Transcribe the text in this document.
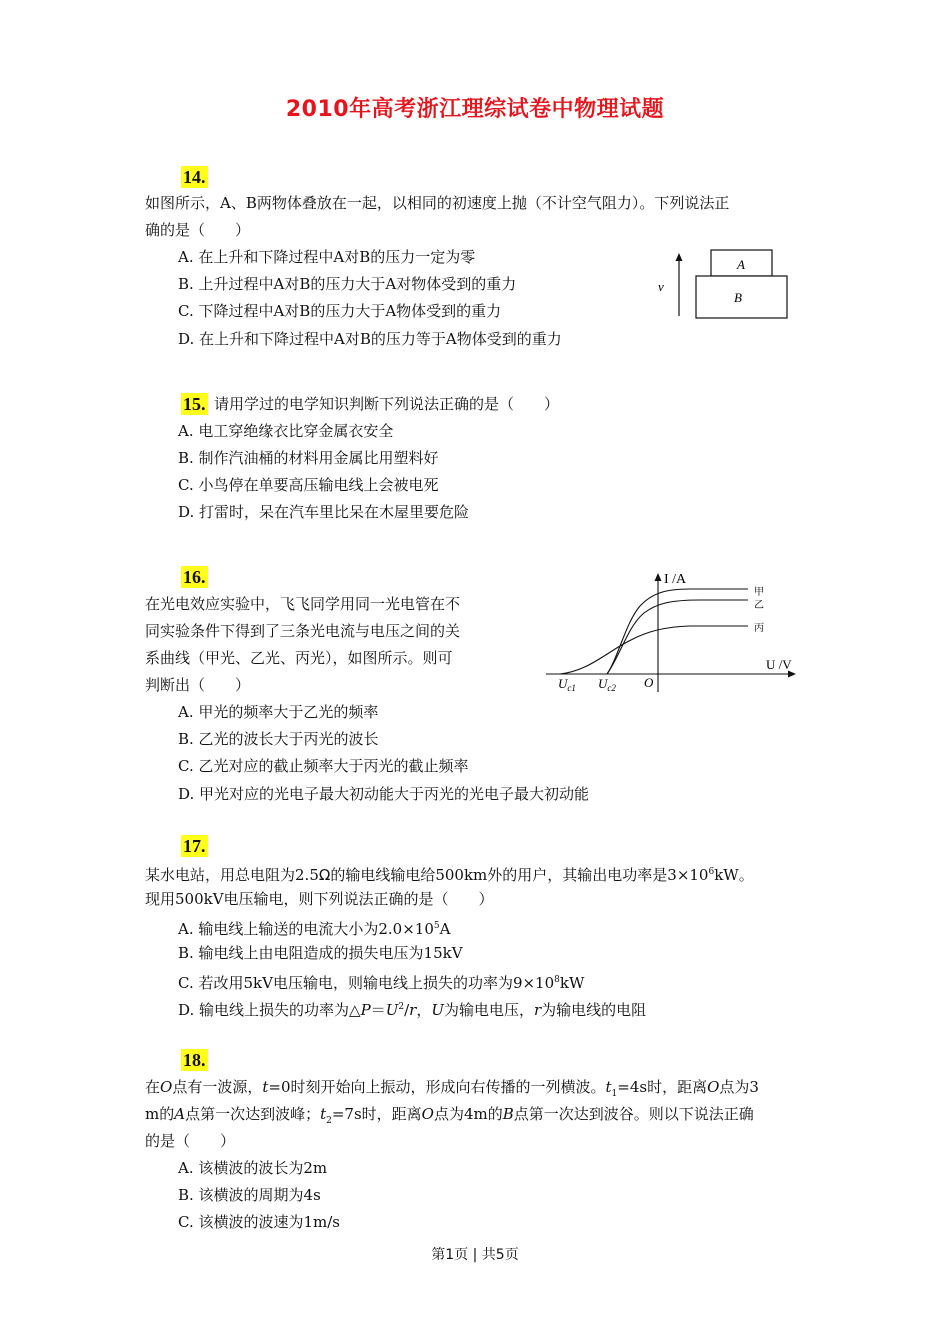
2010年高考浙江理综试卷中物理试题
14.
如图所示，A、B两物体叠放在一起，以相同的初速度上抛（不计空气阻力）。下列说法正
确的是（　　）
A. 在上升和下降过程中A对B的压力一定为零
B. 上升过程中A对B的压力大于A对物体受到的重力
C. 下降过程中A对B的压力大于A物体受到的重力
D. 在上升和下降过程中A对B的压力等于A物体受到的重力
v
A
B
15. 请用学过的电学知识判断下列说法正确的是（　　）
A. 电工穿绝缘衣比穿金属衣安全
B. 制作汽油桶的材料用金属比用塑料好
C. 小鸟停在单要高压输电线上会被电死
D. 打雷时，呆在汽车里比呆在木屋里要危险
16.
在光电效应实验中，飞飞同学用同一光电管在不
同实验条件下得到了三条光电流与电压之间的关
系曲线（甲光、乙光、丙光），如图所示。则可
判断出（　　）
A. 甲光的频率大于乙光的频率
B. 乙光的波长大于丙光的波长
C. 乙光对应的截止频率大于丙光的截止频率
D. 甲光对应的光电子最大初动能大于丙光的光电子最大初动能
I /A
U /V
甲
乙
丙
O
$U_{c1}$ $U_{c2}$
17.
某水电站，用总电阻为2.5Ω的输电线输电给500km外的用户，其输出电功率是$3\times 10^6kW$。
现用500kV电压输电，则下列说法正确的是（　　）
A. 输电线上输送的电流大小为$2.0\times 10^5A$
B. 输电线上由电阻造成的损失电压为15kV
C. 若改用5kV电压输电，则输电线上损失的功率为$9\times 10^8kW$
D. 输电线上损失的功率为$\triangle P=U^2/r$，U为输电电压，r为输电线的电阻
18.
在O点有一波源，t=0时刻开始向上振动，形成向右传播的一列横波。$t_1=4s$时，距离O点为3
m的A点第一次达到波峰；$t_2=7s$时，距离O点为4m的B点第一次达到波谷。则以下说法正确
的是（　　）
A. 该横波的波长为2m
B. 该横波的周期为4s
C. 该横波的波速为1m/s
第1页 | 共5页
